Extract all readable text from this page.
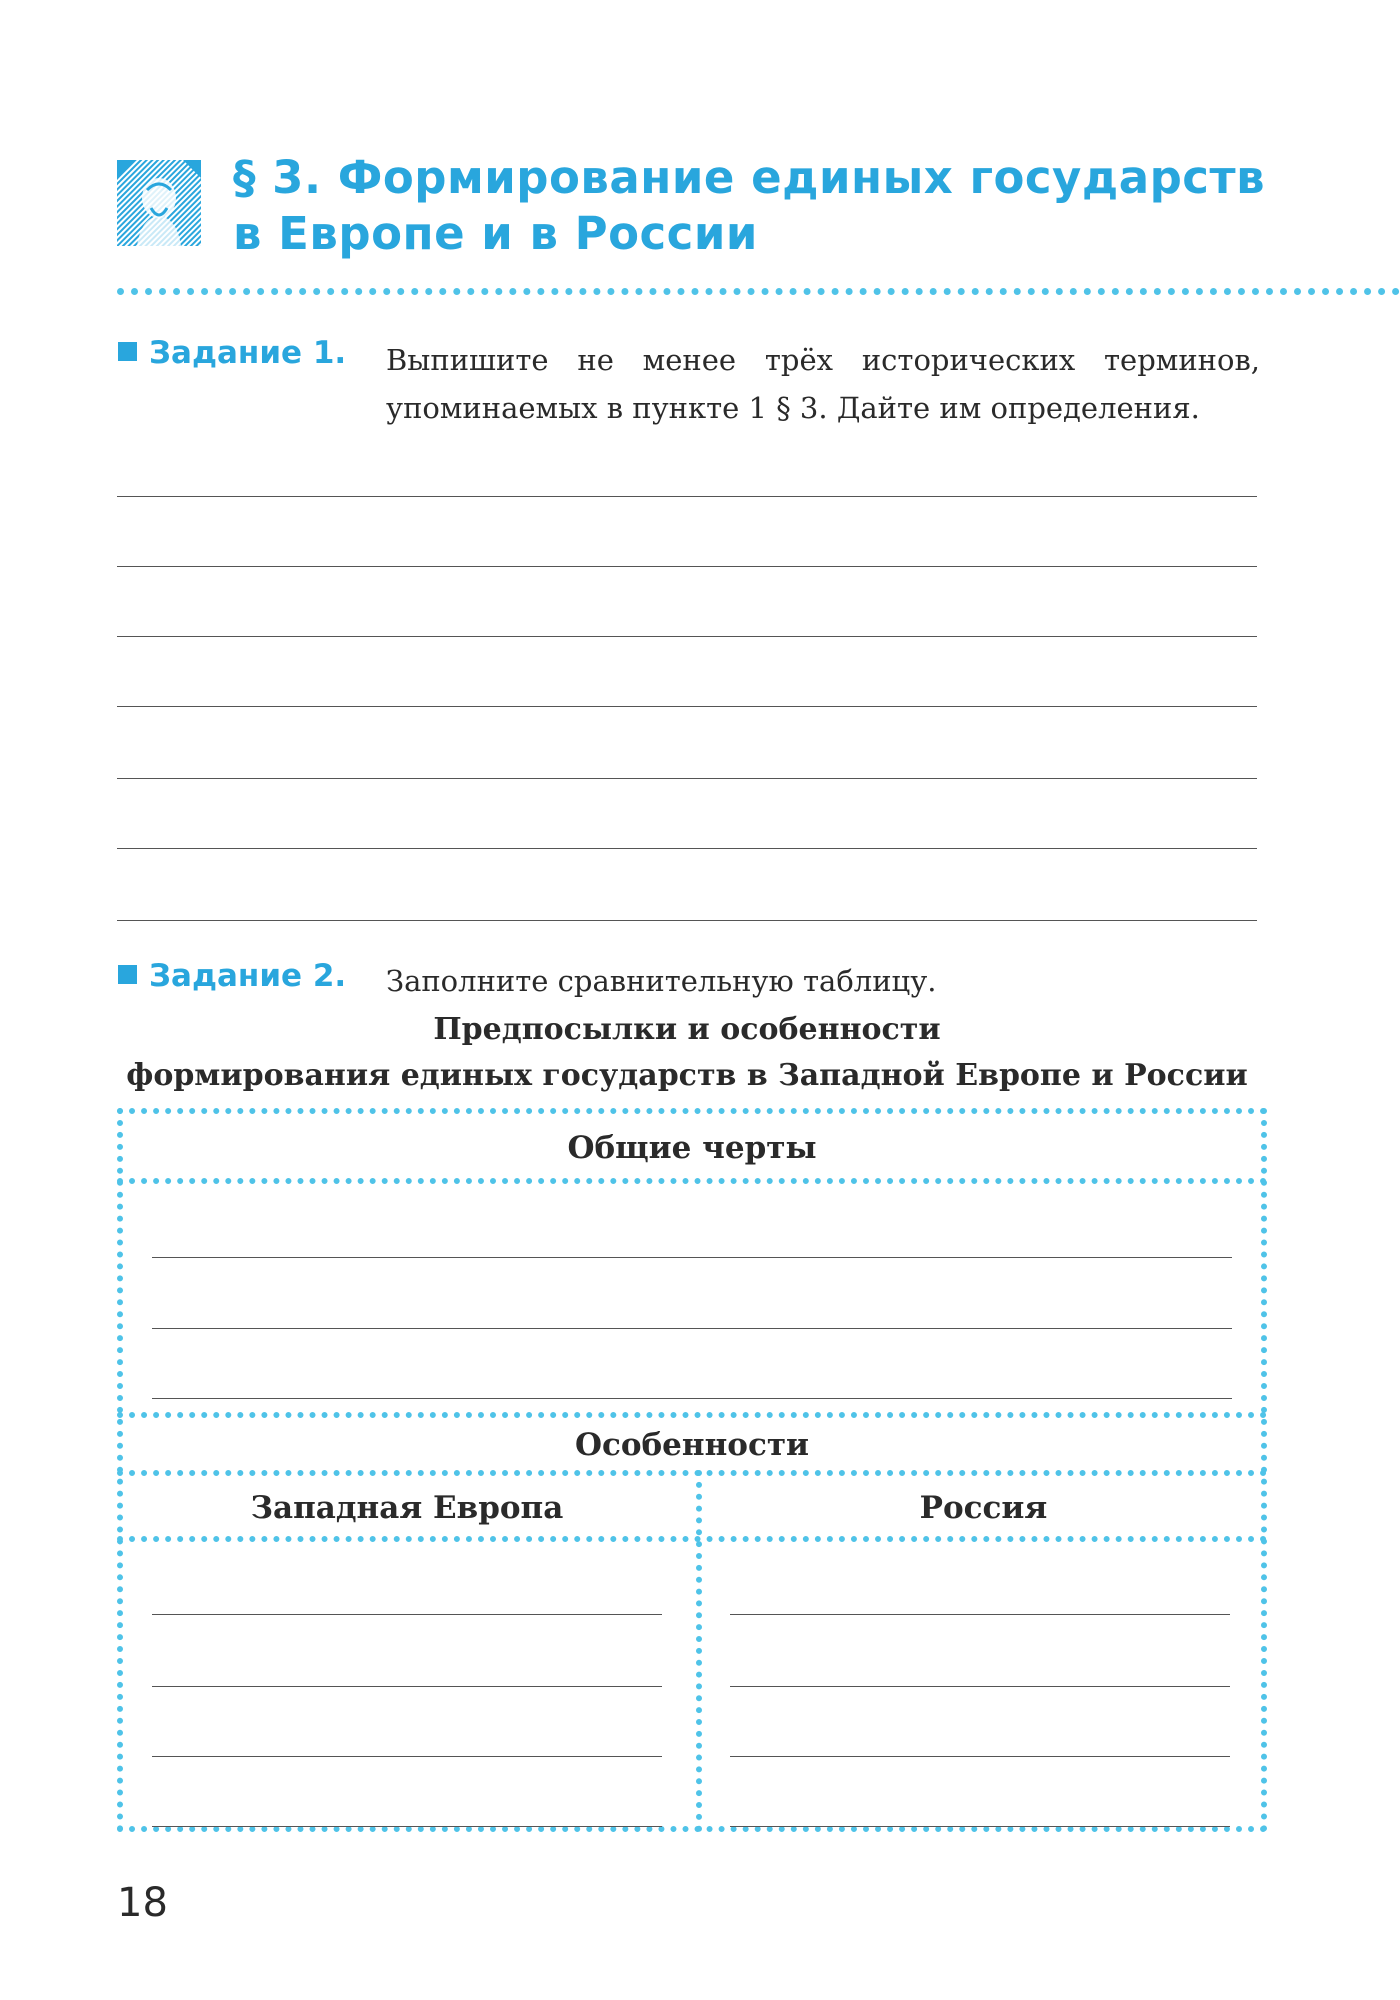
§ 3. Формирование единых государств
в Европе и в России
Задание 1. Выпишите не менее трёх исторических терминов, упоминаемых в пункте 1 § 3. Дайте им определения.
Задание 2. Заполните сравнительную таблицу.
Предпосылки и особенности
формирования единых государств в Западной Европе и России
Общие черты
Особенности
Западная Европа	Россия
18
